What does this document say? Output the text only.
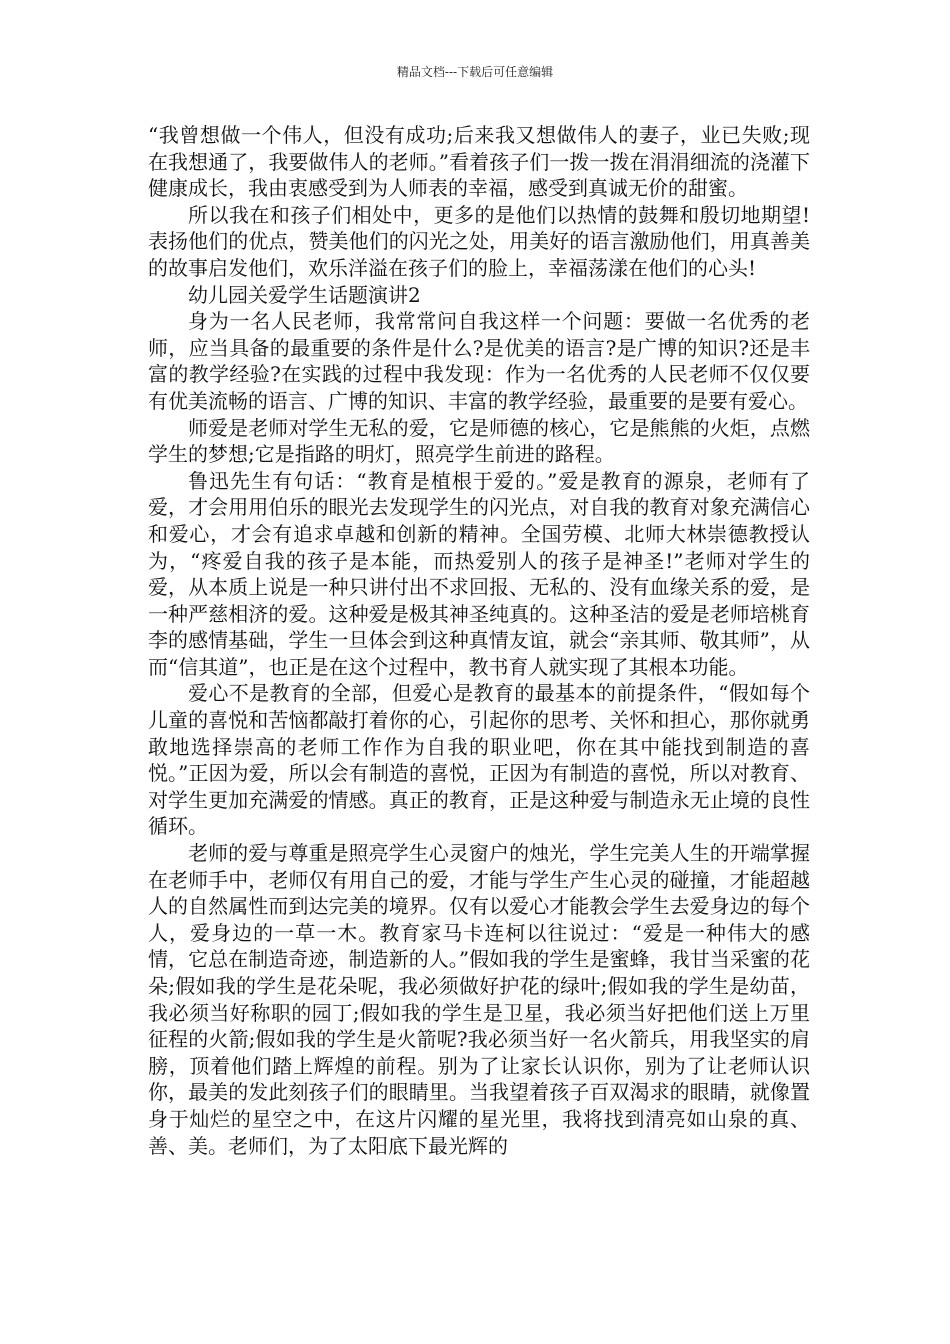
精品文档---下载后可任意编辑

“我曾想做一个伟人，但没有成功;后来我又想做伟人的妻子，业已失败;现在我想通了，我要做伟人的老师。”看着孩子们一拨一拨在涓涓细流的浇灌下健康成长，我由衷感受到为人师表的幸福，感受到真诚无价的甜蜜。

所以我在和孩子们相处中，更多的是他们以热情的鼓舞和殷切地期望!表扬他们的优点，赞美他们的闪光之处，用美好的语言激励他们，用真善美的故事启发他们，欢乐洋溢在孩子们的脸上，幸福荡漾在他们的心头!

幼儿园关爱学生话题演讲2

身为一名人民老师，我常常问自我这样一个问题：要做一名优秀的老师，应当具备的最重要的条件是什么?是优美的语言?是广博的知识?还是丰富的教学经验?在实践的过程中我发现：作为一名优秀的人民老师不仅仅要有优美流畅的语言、广博的知识、丰富的教学经验，最重要的是要有爱心。

师爱是老师对学生无私的爱，它是师德的核心，它是熊熊的火炬，点燃学生的梦想;它是指路的明灯，照亮学生前进的路程。

鲁迅先生有句话：“教育是植根于爱的。”爱是教育的源泉，老师有了爱，才会用用伯乐的眼光去发现学生的闪光点，对自我的教育对象充满信心和爱心，才会有追求卓越和创新的精神。全国劳模、北师大林崇德教授认为，“疼爱自我的孩子是本能，而热爱别人的孩子是神圣!”老师对学生的爱，从本质上说是一种只讲付出不求回报、无私的、没有血缘关系的爱，是一种严慈相济的爱。这种爱是极其神圣纯真的。这种圣洁的爱是老师培桃育李的感情基础，学生一旦体会到这种真情友谊，就会“亲其师、敬其师”，从而“信其道”，也正是在这个过程中，教书育人就实现了其根本功能。

爱心不是教育的全部，但爱心是教育的最基本的前提条件，“假如每个儿童的喜悦和苦恼都敲打着你的心，引起你的思考、关怀和担心，那你就勇敢地选择崇高的老师工作作为自我的职业吧，你在其中能找到制造的喜悦。”正因为爱，所以会有制造的喜悦，正因为有制造的喜悦，所以对教育、对学生更加充满爱的情感。真正的教育，正是这种爱与制造永无止境的良性循环。

老师的爱与尊重是照亮学生心灵窗户的烛光，学生完美人生的开端掌握在老师手中，老师仅有用自己的爱，才能与学生产生心灵的碰撞，才能超越人的自然属性而到达完美的境界。仅有以爱心才能教会学生去爱身边的每个人，爱身边的一草一木。教育家马卡连柯以往说过：“爱是一种伟大的感情，它总在制造奇迹，制造新的人。”假如我的学生是蜜蜂，我甘当采蜜的花朵;假如我的学生是花朵呢，我必须做好护花的绿叶;假如我的学生是幼苗，我必须当好称职的园丁;假如我的学生是卫星，我必须当好把他们送上万里征程的火箭;假如我的学生是火箭呢?我必须当好一名火箭兵，用我坚实的肩膀，顶着他们踏上辉煌的前程。别为了让家长认识你，别为了让老师认识你，最美的发此刻孩子们的眼睛里。当我望着孩子百双渴求的眼睛，就像置身于灿烂的星空之中，在这片闪耀的星光里，我将找到清亮如山泉的真、善、美。老师们，为了太阳底下最光辉的
